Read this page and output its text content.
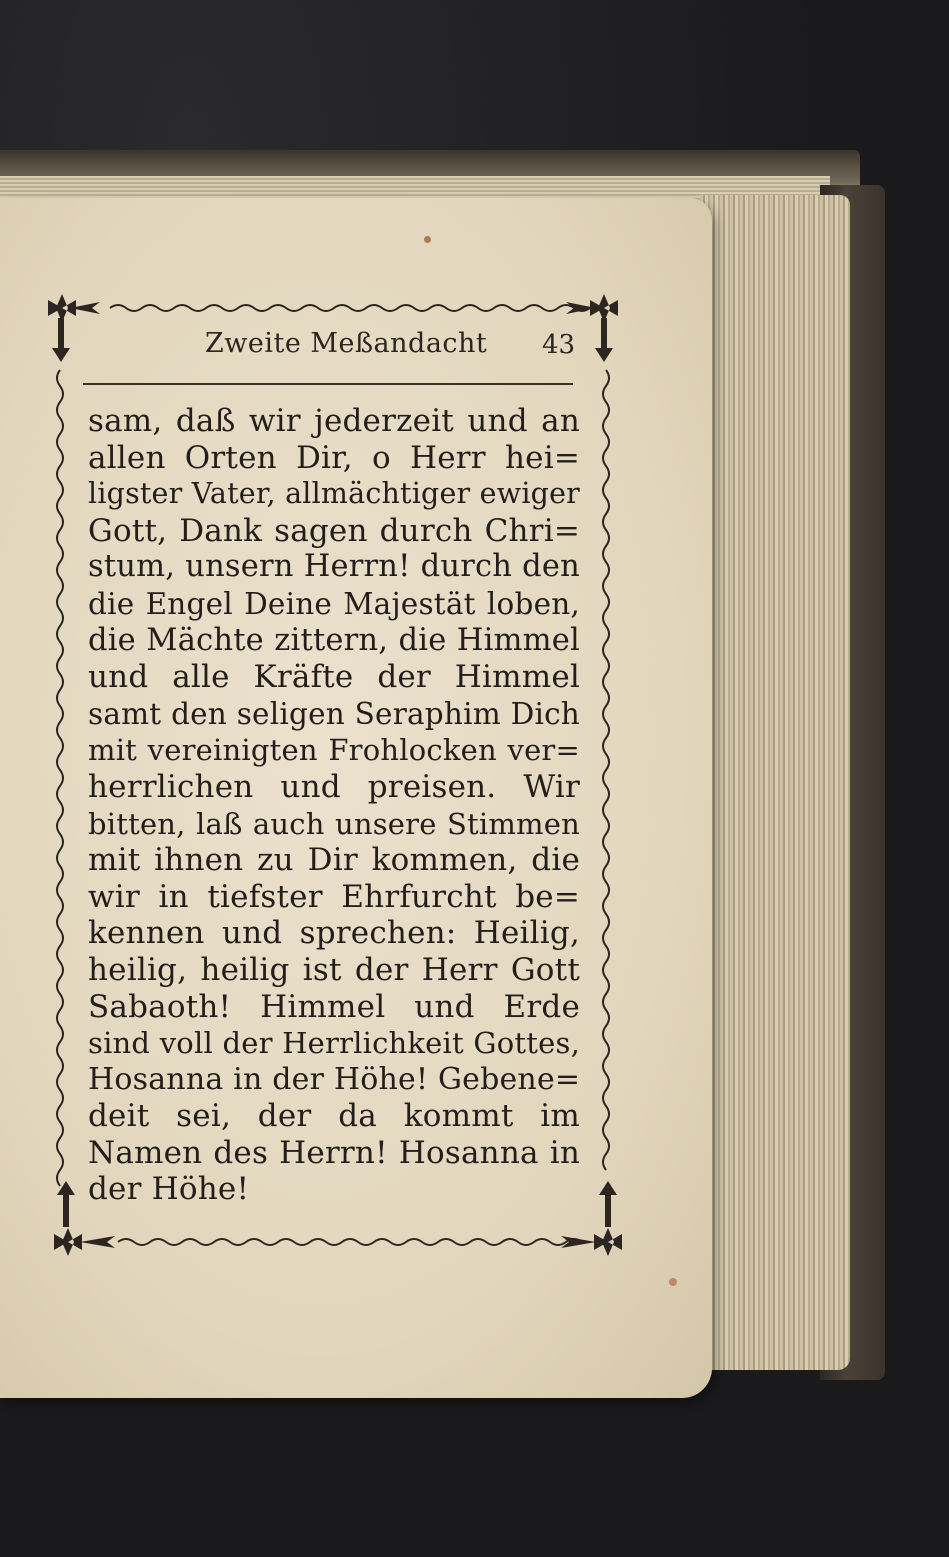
Zweite Meßandacht 43
sam, daß wir jederzeit und an
allen Orten Dir, o Herr hei=
ligster Vater, allmächtiger ewiger
Gott, Dank sagen durch Chri=
stum, unsern Herrn! durch den
die Engel Deine Majestät loben,
die Mächte zittern, die Himmel
und alle Kräfte der Himmel
samt den seligen Seraphim Dich
mit vereinigten Frohlocken ver=
herrlichen und preisen. Wir
bitten, laß auch unsere Stimmen
mit ihnen zu Dir kommen, die
wir in tiefster Ehrfurcht be=
kennen und sprechen: Heilig,
heilig, heilig ist der Herr Gott
Sabaoth! Himmel und Erde
sind voll der Herrlichkeit Gottes,
Hosanna in der Höhe! Gebene=
deit sei, der da kommt im
Namen des Herrn! Hosanna in
der Höhe!
